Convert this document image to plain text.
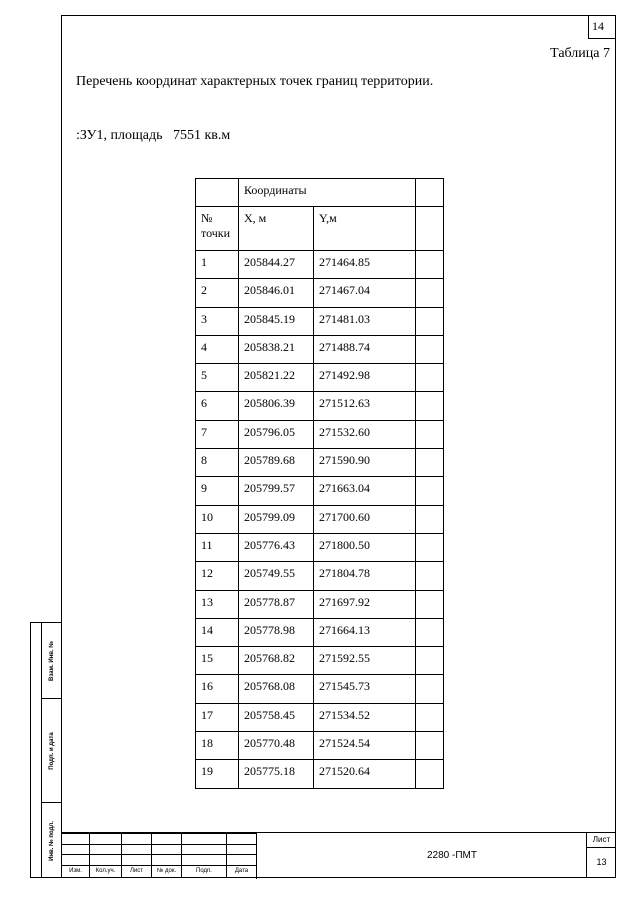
14
Таблица 7
Перечень координат характерных точек границ территории.
:ЗУ1, площадь 7551 кв.м
	Координаты		

№
точки	X, м	Y,м	
1	205844.27	271464.85	
2	205846.01	271467.04	
3	205845.19	271481.03	
4	205838.21	271488.74	
5	205821.22	271492.98	
6	205806.39	271512.63	
7	205796.05	271532.60	
8	205789.68	271590.90	
9	205799.57	271663.04	
10	205799.09	271700.60	
11	205776.43	271800.50	
12	205749.55	271804.78	
13	205778.87	271697.92	
14	205778.98	271664.13	
15	205768.82	271592.55	
16	205768.08	271545.73	
17	205758.45	271534.52	
18	205770.48	271524.54	
19	205775.18	271520.64	
Взам. Инв. №
Подп. и дата
Инв. № подл.

Изм.	Кол.уч.	Лист	№ док.	Подп.	Дата
2280 -ПМТ
Лист
13
